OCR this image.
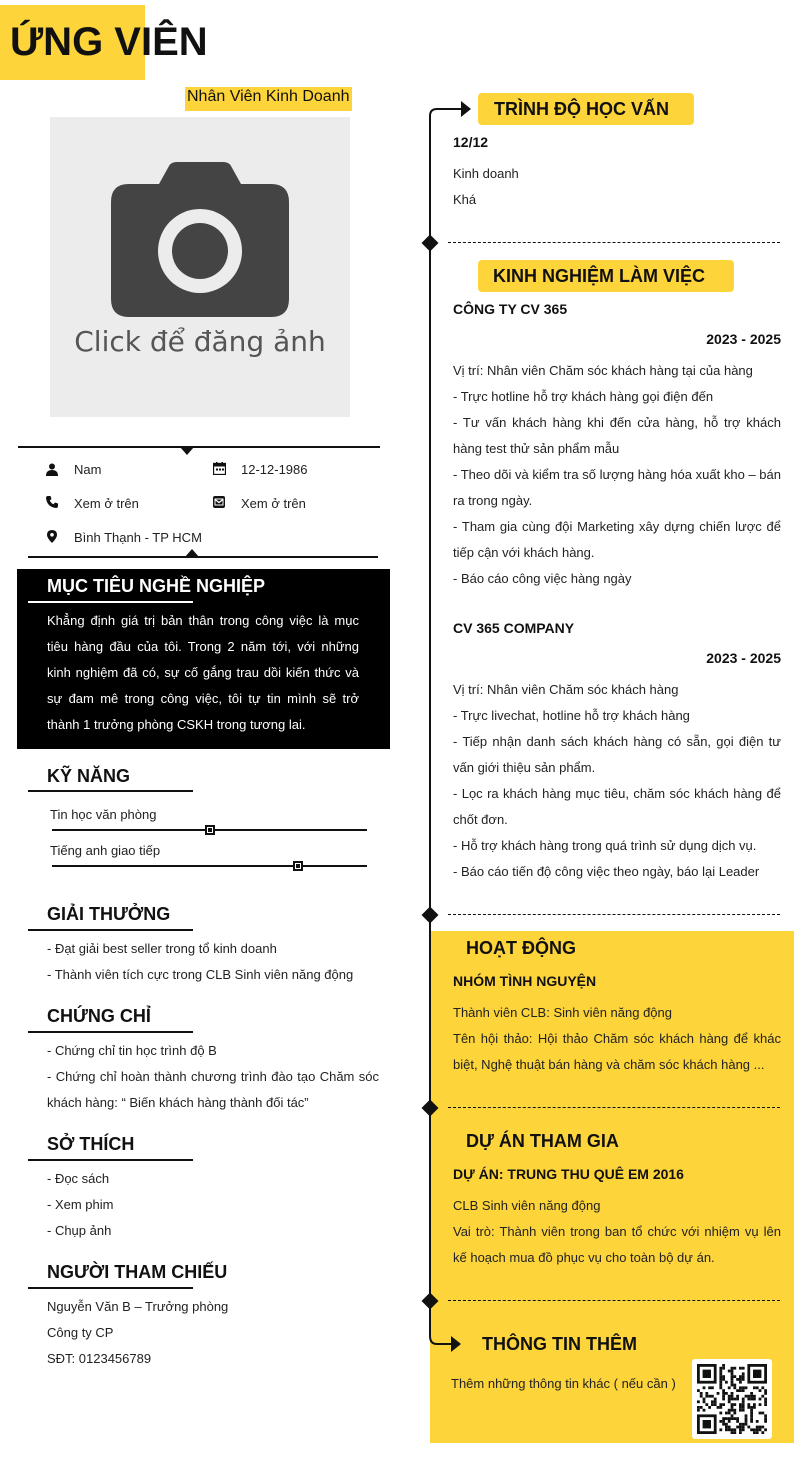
ỨNG VIÊN
Nhân Viên Kinh Doanh
Click để đăng ảnh
Nam	12-12-1986
Xem ở trên	Xem ở trên
Bình Thạnh - TP HCM
MỤC TIÊU NGHỀ NGHIỆP
Khẳng định giá trị bản thân trong công việc là mục tiêu hàng đầu của tôi. Trong 2 năm tới, với những kinh nghiệm đã có, sự cố gắng trau dồi kiến thức và sự đam mê trong công việc, tôi tự tin mình sẽ trở thành 1 trưởng phòng CSKH trong tương lai.
KỸ NĂNG
Tin học văn phòng
Tiếng anh giao tiếp
GIẢI THƯỞNG
- Đạt giải best seller trong tổ kinh doanh
- Thành viên tích cực trong CLB Sinh viên năng động
CHỨNG CHỈ
- Chứng chỉ tin học trình độ B
- Chứng chỉ hoàn thành chương trình đào tạo Chăm sóc khách hàng: “ Biến khách hàng thành đối tác”
SỞ THÍCH
- Đọc sách
- Xem phim
- Chụp ảnh
NGƯỜI THAM CHIẾU
Nguyễn Văn B – Trưởng phòng
Công ty CP
SĐT: 0123456789
TRÌNH ĐỘ HỌC VẤN
12/12
Kinh doanh
Khá
KINH NGHIỆM LÀM VIỆC
CÔNG TY CV 365
2023 - 2025
Vị trí: Nhân viên Chăm sóc khách hàng tại của hàng
- Trực hotline hỗ trợ khách hàng gọi điện đến
- Tư vấn khách hàng khi đến cửa hàng, hỗ trợ khách hàng test thử sản phẩm mẫu
- Theo dõi và kiểm tra số lượng hàng hóa xuất kho – bán ra trong ngày.
- Tham gia cùng đội Marketing xây dựng chiến lược để tiếp cận với khách hàng.
- Báo cáo công việc hàng ngày
CV 365 COMPANY
2023 - 2025
Vị trí: Nhân viên Chăm sóc khách hàng
- Trực livechat, hotline hỗ trợ khách hàng
- Tiếp nhận danh sách khách hàng có sẵn, gọi điện tư vấn giới thiệu sản phẩm.
- Lọc ra khách hàng mục tiêu, chăm sóc khách hàng để chốt đơn.
- Hỗ trợ khách hàng trong quá trình sử dụng dịch vụ.
- Báo cáo tiến độ công việc theo ngày, báo lại Leader
HOẠT ĐỘNG
NHÓM TÌNH NGUYỆN
Thành viên CLB: Sinh viên năng động
Tên hội thảo: Hội thảo Chăm sóc khách hàng để khác biệt, Nghệ thuật bán hàng và chăm sóc khách hàng ...
DỰ ÁN THAM GIA
DỰ ÁN: TRUNG THU QUÊ EM 2016
CLB Sinh viên năng động
Vai trò: Thành viên trong ban tổ chức với nhiệm vụ lên kế hoạch mua đồ phục vụ cho toàn bộ dự án.
THÔNG TIN THÊM
Thêm những thông tin khác ( nếu cần )
